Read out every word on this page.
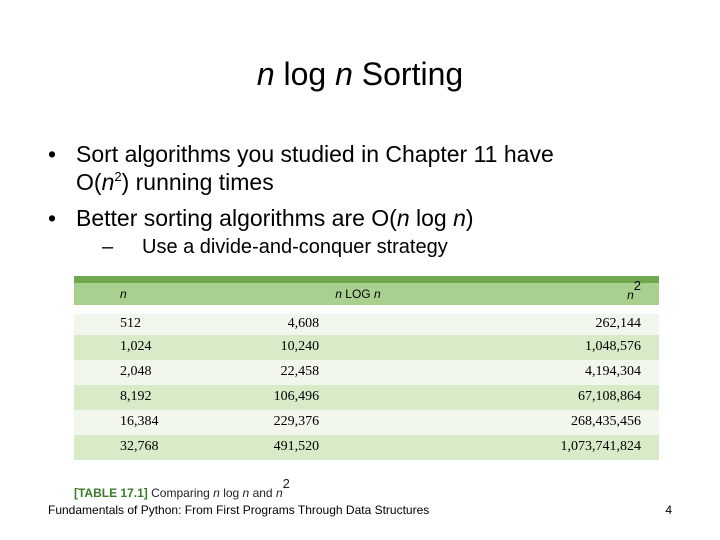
n log n Sorting
• Sort algorithms you studied in Chapter 11 have
$O(n^2)$ running times
• Better sorting algorithms are O(n log n)
– Use a divide-and-conquer strategy
n	n LOG n	$n^2$
512	4,608	262,144
1,024	10,240	1,048,576
2,048	22,458	4,194,304
8,192	106,496	67,108,864
16,384	229,376	268,435,456
32,768	491,520	1,073,741,824
[TABLE 17.1] Comparing n log n and $n^2$
Fundamentals of Python: From First Programs Through Data Structures	4
